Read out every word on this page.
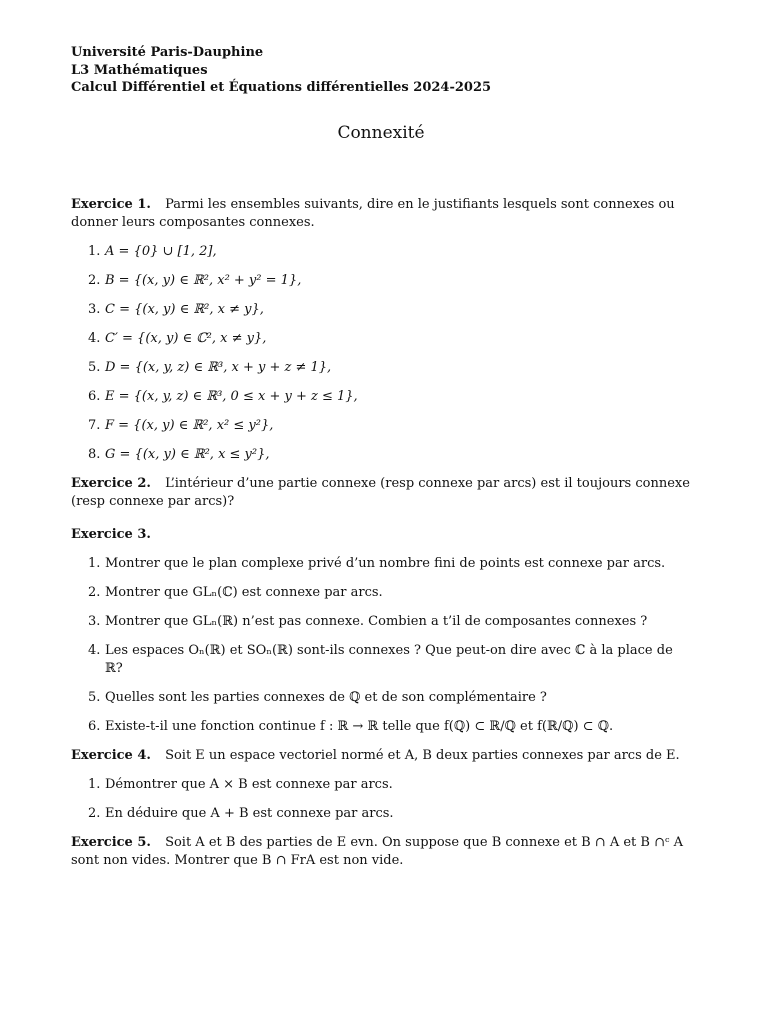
Université Paris-Dauphine
L3 Mathématiques
Calcul Différentiel et Équations différentielles 2024-2025
Connexité

Exercice 1. Parmi les ensembles suivants, dire en le justifiants lesquels sont connexes ou donner leurs composantes connexes.

1. A = {0} ∪ [1, 2],
2. B = {(x, y) ∈ ℝ², x² + y² = 1},
3. C = {(x, y) ∈ ℝ², x ≠ y},
4. C′ = {(x, y) ∈ ℂ², x ≠ y},
5. D = {(x, y, z) ∈ ℝ³, x + y + z ≠ 1},
6. E = {(x, y, z) ∈ ℝ³, 0 ≤ x + y + z ≤ 1},
7. F = {(x, y) ∈ ℝ², x² ≤ y²},
8. G = {(x, y) ∈ ℝ², x ≤ y²},

Exercice 2. L’intérieur d’une partie connexe (resp connexe par arcs) est il toujours connexe (resp connexe par arcs)?

Exercice 3.

1. Montrer que le plan complexe privé d’un nombre fini de points est connexe par arcs.
2. Montrer que GLₙ(ℂ) est connexe par arcs.
3. Montrer que GLₙ(ℝ) n’est pas connexe. Combien a t’il de composantes connexes ?
4. Les espaces Oₙ(ℝ) et SOₙ(ℝ) sont-ils connexes ? Que peut-on dire avec ℂ à la place de ℝ?
5. Quelles sont les parties connexes de ℚ et de son complémentaire ?
6. Existe-t-il une fonction continue f : ℝ → ℝ telle que f(ℚ) ⊂ ℝ/ℚ et f(ℝ/ℚ) ⊂ ℚ.

Exercice 4. Soit E un espace vectoriel normé et A, B deux parties connexes par arcs de E.

1. Démontrer que A × B est connexe par arcs.
2. En déduire que A + B est connexe par arcs.

Exercice 5. Soit A et B des parties de E evn. On suppose que B connexe et B ∩ A et B ∩ᶜ A sont non vides. Montrer que B ∩ FrA est non vide.
